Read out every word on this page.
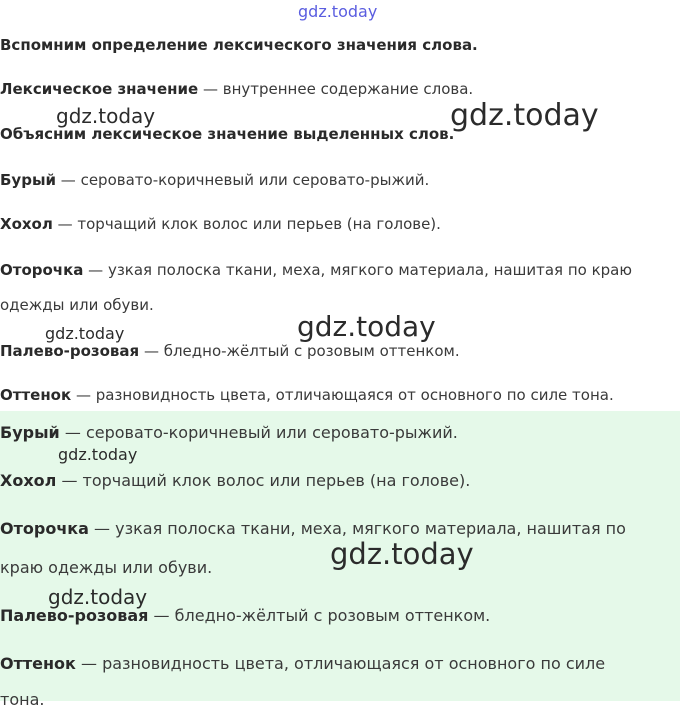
gdz.today
Вспомним определение лексического значения слова.
Лексическое значение — внутреннее содержание слова.
gdz.today	gdz.today
Объясним лексическое значение выделенных слов.
Бурый — серовато-коричневый или серовато-рыжий.
Хохол — торчащий клок волос или перьев (на голове).
Оторочка — узкая полоска ткани, меха, мягкого материала, нашитая по краю
одежды или обуви.
gdz.today	gdz.today
Палево-розовая — бледно-жёлтый с розовым оттенком.
Оттенок — разновидность цвета, отличающаяся от основного по силе тона.
Бурый — серовато-коричневый или серовато-рыжий.
gdz.today
Хохол — торчащий клок волос или перьев (на голове).
Оторочка — узкая полоска ткани, меха, мягкого материала, нашитая по
gdz.today
краю одежды или обуви.
gdz.today
Палево-розовая — бледно-жёлтый с розовым оттенком.
Оттенок — разновидность цвета, отличающаяся от основного по силе
тона.
